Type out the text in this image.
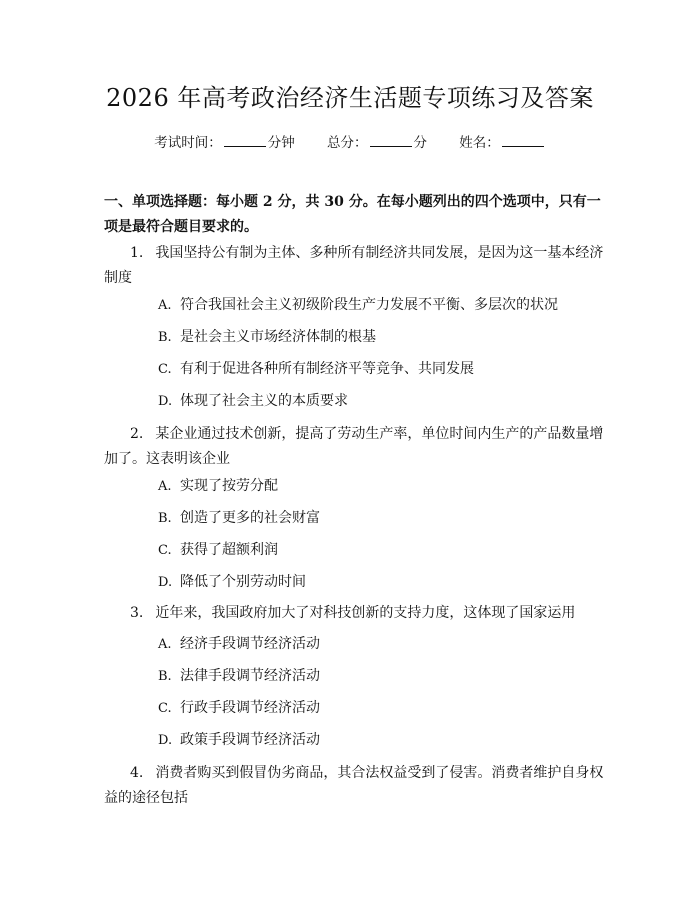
2026 年高考政治经济生活题专项练习及答案
考试时间：	分钟 总分：	分 姓名：
一、单项选择题：每小题 2 分，共 30 分。在每小题列出的四个选项中，只有一项是最符合题目要求的。
1. 我国坚持公有制为主体、多种所有制经济共同发展，是因为这一基本经济制度
A. 符合我国社会主义初级阶段生产力发展不平衡、多层次的状况
B. 是社会主义市场经济体制的根基
C. 有利于促进各种所有制经济平等竞争、共同发展
D. 体现了社会主义的本质要求
2. 某企业通过技术创新，提高了劳动生产率，单位时间内生产的产品数量增加了。这表明该企业
A. 实现了按劳分配
B. 创造了更多的社会财富
C. 获得了超额利润
D. 降低了个别劳动时间
3. 近年来，我国政府加大了对科技创新的支持力度，这体现了国家运用
A. 经济手段调节经济活动
B. 法律手段调节经济活动
C. 行政手段调节经济活动
D. 政策手段调节经济活动
4. 消费者购买到假冒伪劣商品，其合法权益受到了侵害。消费者维护自身权益的途径包括
